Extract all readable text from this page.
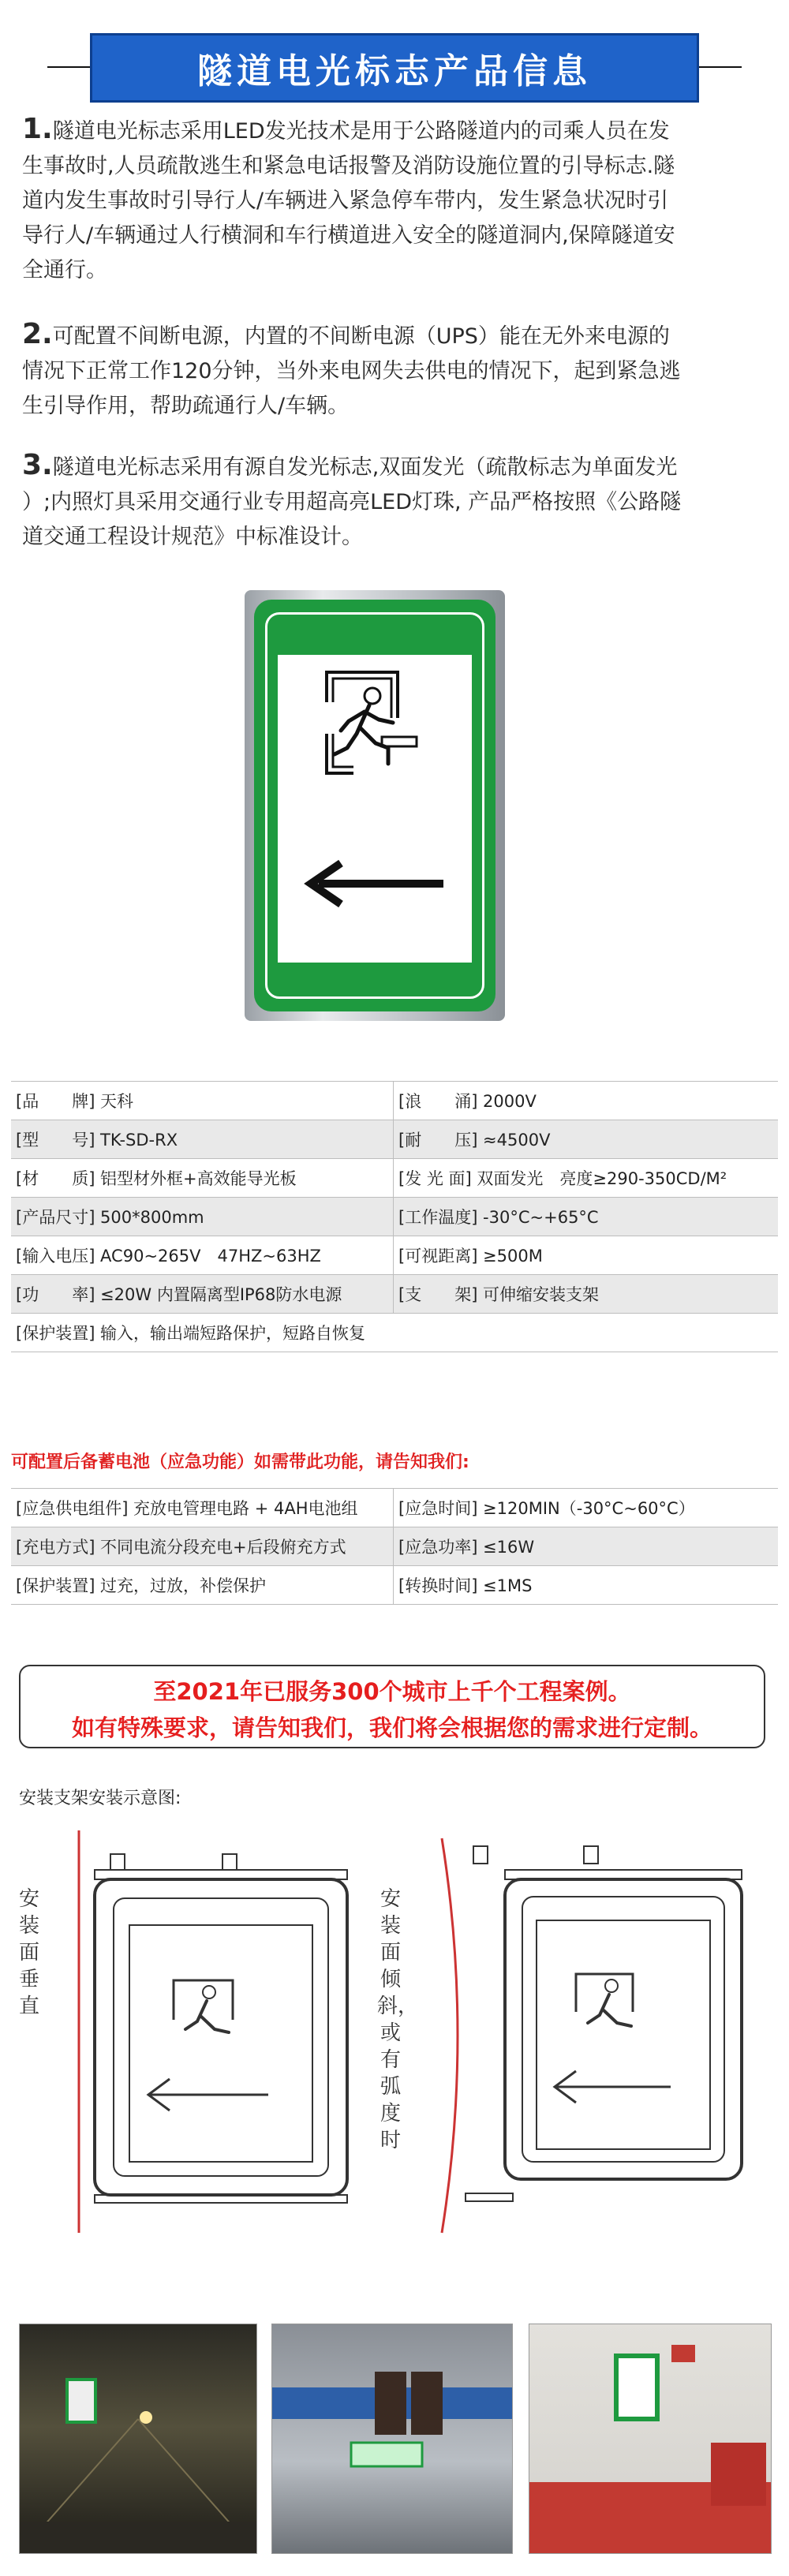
隧道电光标志产品信息
1.隧道电光标志采用LED发光技术是用于公路隧道内的司乘人员在发
生事故时,人员疏散逃生和紧急电话报警及消防设施位置的引导标志.隧
道内发生事故时引导行人/车辆进入紧急停车带内，发生紧急状况时引
导行人/车辆通过人行横洞和车行横道进入安全的隧道洞内,保障隧道安
全通行。
2.可配置不间断电源，内置的不间断电源（UPS）能在无外来电源的
情况下正常工作120分钟，当外来电网失去供电的情况下，起到紧急逃
生引导作用，帮助疏通行人/车辆。
3.隧道电光标志采用有源自发光标志,双面发光（疏散标志为单面发光
）;内照灯具采用交通行业专用超高亮LED灯珠, 产品严格按照《公路隧
道交通工程设计规范》中标准设计。
[品　　牌] 天科	[浪　　涌] 2000V
[型　　号] TK-SD-RX	[耐　　压] ≈4500V
[材　　质] 铝型材外框+高效能导光板	[发 光 面] 双面发光　亮度≥290-350CD/M²
[产品尺寸] 500*800mm	[工作温度] -30°C~+65°C
[输入电压] AC90~265V　47HZ~63HZ	[可视距离] ≥500M
[功　　率] ≤20W 内置隔离型IP68防水电源	[支　　架] 可伸缩安装支架
[保护装置] 输入，输出端短路保护，短路自恢复	
可配置后备蓄电池（应急功能）如需带此功能，请告知我们:
[应急供电组件] 充放电管理电路 + 4AH电池组	[应急时间] ≥120MIN（-30°C~60°C）
[充电方式] 不同电流分段充电+后段俯充方式	[应急功率] ≤16W
[保护装置] 过充，过放，补偿保护	[转换时间] ≤1MS
至2021年已服务300个城市上千个工程案例。
如有特殊要求，请告知我们，我们将会根据您的需求进行定制。
安装支架安装示意图:
安装面垂直
安装面倾斜，或有弧度时
